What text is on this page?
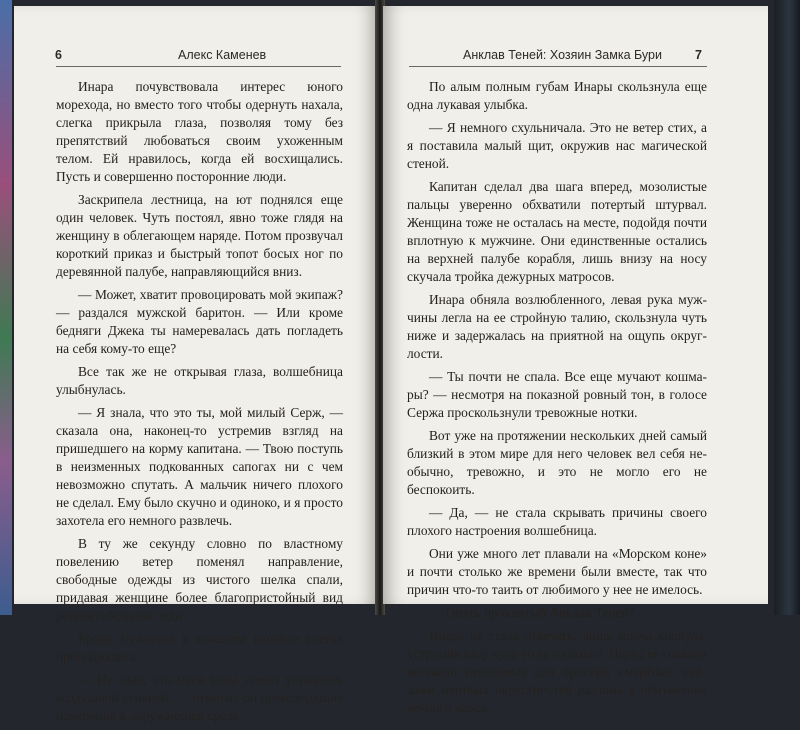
6	Алекс Каменев

Инара почувствовала интерес юного морехода, но вместо того чтобы одернуть нахала, слегка прикрыла глаза, позволяя тому без препятствий любоваться своим ухоженным телом. Ей нравилось, когда ей восхищались. Пусть и совершенно посторонние люди.

Заскрипела лестница, на ют поднялся еще один человек. Чуть постоял, явно тоже глядя на женщину в облегающем наряде. Потом прозвучал короткий приказ и быстрый топот босых ног по деревянной палубе, направляющийся вниз.

— Может, хватит провоцировать мой экипаж? — раздался мужской баритон. — Или кроме бедняги Джека ты намеревалась дать погладеть на себя кому-то еще?

Все так же не открывая глаза, волшебница улыбнулась.

— Я знала, что это ты, мой милый Серж, — сказала она, наконец-то устремив взгляд на пришедшего на корму капитана. — Твою поступь в неизменных подкованных сапогах ни с чем невозможно спутать. А мальчик ничего плохого не сделал. Ему было скучно и одиноко, и я просто захотела его немного развлечь.

В ту же секунду словно по властному повелению ветер поменял направление, свободные одежды из чистого шелка спали, придавая женщине более благопристойный вид респектабельной леди.

Брови мужчины в кожаном камзоле слегка приподнялись.

— Не знал, что маги воды умеют управлять воздушной стихией, — отметил он происходящие изменения в окружающей среде.

Анклав Теней: Хозяин Замка Бури	7

По алым полным губам Инары скользнула еще одна лукавая улыбка.

— Я немного схульничала. Это не ветер стих, а я поставила малый щит, окружив нас магической стеной.

Капитан сделал два шага вперед, мозолистые пальцы уверенно обхватили потертый штурвал. Женщина тоже не осталась на месте, подойдя почти вплотную к мужчине. Они единственные остались на верхней палубе корабля, лишь внизу на носу скучала тройка дежурных матросов.

Инара обняла возлюбленного, левая рука мужчины легла на ее стройную талию, скользнула чуть ниже и задержалась на приятной на ощупь округлости.

— Ты почти не спала. Все еще мучают кошмары? — несмотря на показной ровный тон, в голосе Сержа проскользнули тревожные нотки.

Вот уже на протяжении нескольких дней самый близкий в этом мире для него человек вел себя необычно, тревожно, и это не могло его не беспокоить.

— Да, — не стала скрывать причины своего плохого настроения волшебница.

Они уже много лет плавали на «Морском коне» и почти столько же времени были вместе, так что причин что-то таить от любимого у нее не имелось.

— Опять проклятый Анклав Теней?

Инара не стала отвечать, лишь молча кивнула, устремив взор куда-то за горизонт. Перед ее глазами вставали неведомые для простых смертных пейзажи мертвых окрестностей разлома в обитающие вечного хаоса.
